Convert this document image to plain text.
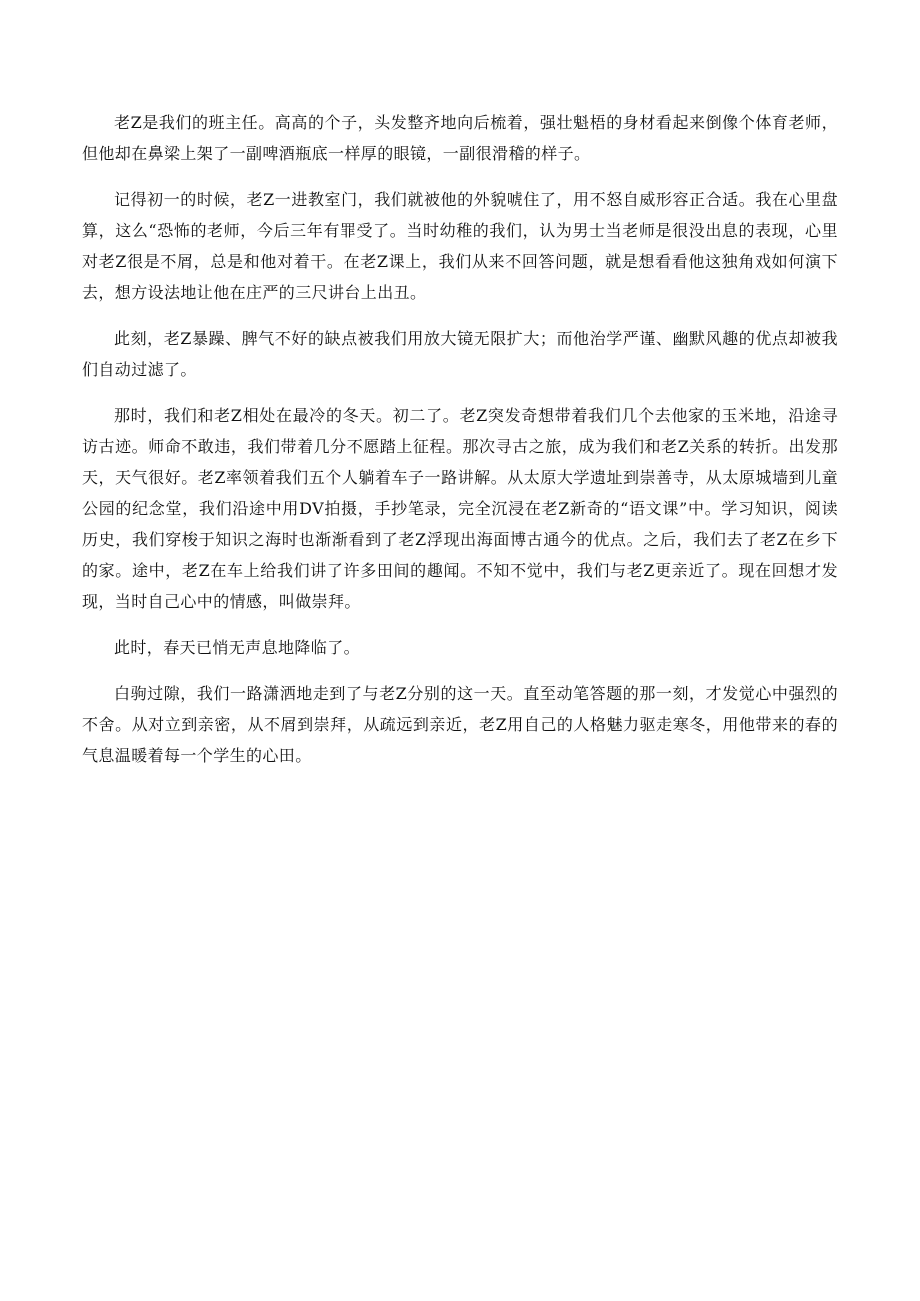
老Z是我们的班主任。高高的个子，头发整齐地向后梳着，强壮魁梧的身材看起来倒像个体育老师，但他却在鼻梁上架了一副啤酒瓶底一样厚的眼镜，一副很滑稽的样子。

记得初一的时候，老Z一进教室门，我们就被他的外貌唬住了，用不怒自威形容正合适。我在心里盘算，这么“恐怖的老师，今后三年有罪受了。当时幼稚的我们，认为男士当老师是很没出息的表现，心里对老Z很是不屑，总是和他对着干。在老Z课上，我们从来不回答问题，就是想看看他这独角戏如何演下去，想方设法地让他在庄严的三尺讲台上出丑。

此刻，老Z暴躁、脾气不好的缺点被我们用放大镜无限扩大；而他治学严谨、幽默风趣的优点却被我们自动过滤了。

那时，我们和老Z相处在最冷的冬天。初二了。老Z突发奇想带着我们几个去他家的玉米地，沿途寻访古迹。师命不敢违，我们带着几分不愿踏上征程。那次寻古之旅，成为我们和老Z关系的转折。出发那天，天气很好。老Z率领着我们五个人躺着车子一路讲解。从太原大学遗址到崇善寺，从太原城墙到儿童公园的纪念堂，我们沿途中用DV拍摄，手抄笔录，完全沉浸在老Z新奇的“语文课”中。学习知识，阅读历史，我们穿梭于知识之海时也渐渐看到了老Z浮现出海面博古通今的优点。之后，我们去了老Z在乡下的家。途中，老Z在车上给我们讲了许多田间的趣闻。不知不觉中，我们与老Z更亲近了。现在回想才发现，当时自己心中的情感，叫做崇拜。

此时，春天已悄无声息地降临了。

白驹过隙，我们一路潇洒地走到了与老Z分别的这一天。直至动笔答题的那一刻，才发觉心中强烈的不舍。从对立到亲密，从不屑到崇拜，从疏远到亲近，老Z用自己的人格魅力驱走寒冬，用他带来的春的气息温暖着每一个学生的心田。
